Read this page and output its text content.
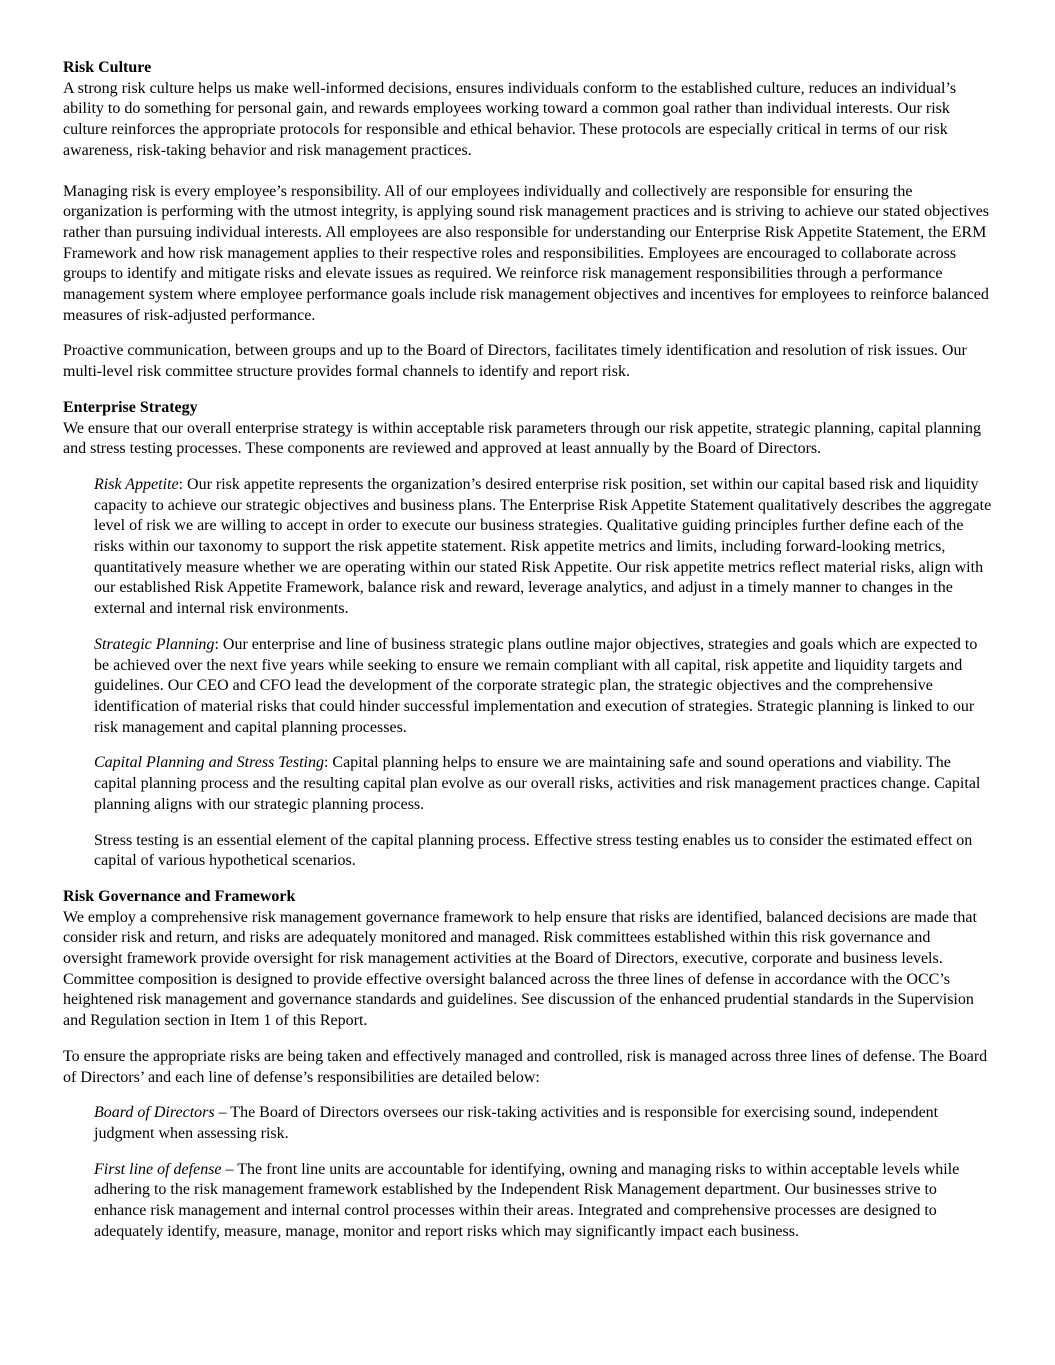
Risk Culture

A strong risk culture helps us make well-informed decisions, ensures individuals conform to the established culture, reduces an individual’s ability to do something for personal gain, and rewards employees working toward a common goal rather than individual interests. Our risk culture reinforces the appropriate protocols for responsible and ethical behavior. These protocols are especially critical in terms of our risk awareness, risk-taking behavior and risk management practices.

Managing risk is every employee’s responsibility. All of our employees individually and collectively are responsible for ensuring the organization is performing with the utmost integrity, is applying sound risk management practices and is striving to achieve our stated objectives rather than pursuing individual interests. All employees are also responsible for understanding our Enterprise Risk Appetite Statement, the ERM Framework and how risk management applies to their respective roles and responsibilities. Employees are encouraged to collaborate across groups to identify and mitigate risks and elevate issues as required. We reinforce risk management responsibilities through a performance management system where employee performance goals include risk management objectives and incentives for employees to reinforce balanced measures of risk-adjusted performance.

Proactive communication, between groups and up to the Board of Directors, facilitates timely identification and resolution of risk issues. Our multi-level risk committee structure provides formal channels to identify and report risk.

Enterprise Strategy

We ensure that our overall enterprise strategy is within acceptable risk parameters through our risk appetite, strategic planning, capital planning and stress testing processes. These components are reviewed and approved at least annually by the Board of Directors.

Risk Appetite: Our risk appetite represents the organization’s desired enterprise risk position, set within our capital based risk and liquidity capacity to achieve our strategic objectives and business plans. The Enterprise Risk Appetite Statement qualitatively describes the aggregate level of risk we are willing to accept in order to execute our business strategies. Qualitative guiding principles further define each of the risks within our taxonomy to support the risk appetite statement. Risk appetite metrics and limits, including forward-looking metrics, quantitatively measure whether we are operating within our stated Risk Appetite. Our risk appetite metrics reflect material risks, align with our established Risk Appetite Framework, balance risk and reward, leverage analytics, and adjust in a timely manner to changes in the external and internal risk environments.

Strategic Planning: Our enterprise and line of business strategic plans outline major objectives, strategies and goals which are expected to be achieved over the next five years while seeking to ensure we remain compliant with all capital, risk appetite and liquidity targets and guidelines. Our CEO and CFO lead the development of the corporate strategic plan, the strategic objectives and the comprehensive identification of material risks that could hinder successful implementation and execution of strategies. Strategic planning is linked to our risk management and capital planning processes.

Capital Planning and Stress Testing: Capital planning helps to ensure we are maintaining safe and sound operations and viability. The capital planning process and the resulting capital plan evolve as our overall risks, activities and risk management practices change. Capital planning aligns with our strategic planning process.

Stress testing is an essential element of the capital planning process. Effective stress testing enables us to consider the estimated effect on capital of various hypothetical scenarios.

Risk Governance and Framework

We employ a comprehensive risk management governance framework to help ensure that risks are identified, balanced decisions are made that consider risk and return, and risks are adequately monitored and managed. Risk committees established within this risk governance and oversight framework provide oversight for risk management activities at the Board of Directors, executive, corporate and business levels. Committee composition is designed to provide effective oversight balanced across the three lines of defense in accordance with the OCC’s heightened risk management and governance standards and guidelines. See discussion of the enhanced prudential standards in the Supervision and Regulation section in Item 1 of this Report.

To ensure the appropriate risks are being taken and effectively managed and controlled, risk is managed across three lines of defense. The Board of Directors’ and each line of defense’s responsibilities are detailed below:

Board of Directors – The Board of Directors oversees our risk-taking activities and is responsible for exercising sound, independent judgment when assessing risk.

First line of defense – The front line units are accountable for identifying, owning and managing risks to within acceptable levels while adhering to the risk management framework established by the Independent Risk Management department. Our businesses strive to enhance risk management and internal control processes within their areas. Integrated and comprehensive processes are designed to adequately identify, measure, manage, monitor and report risks which may significantly impact each business.
